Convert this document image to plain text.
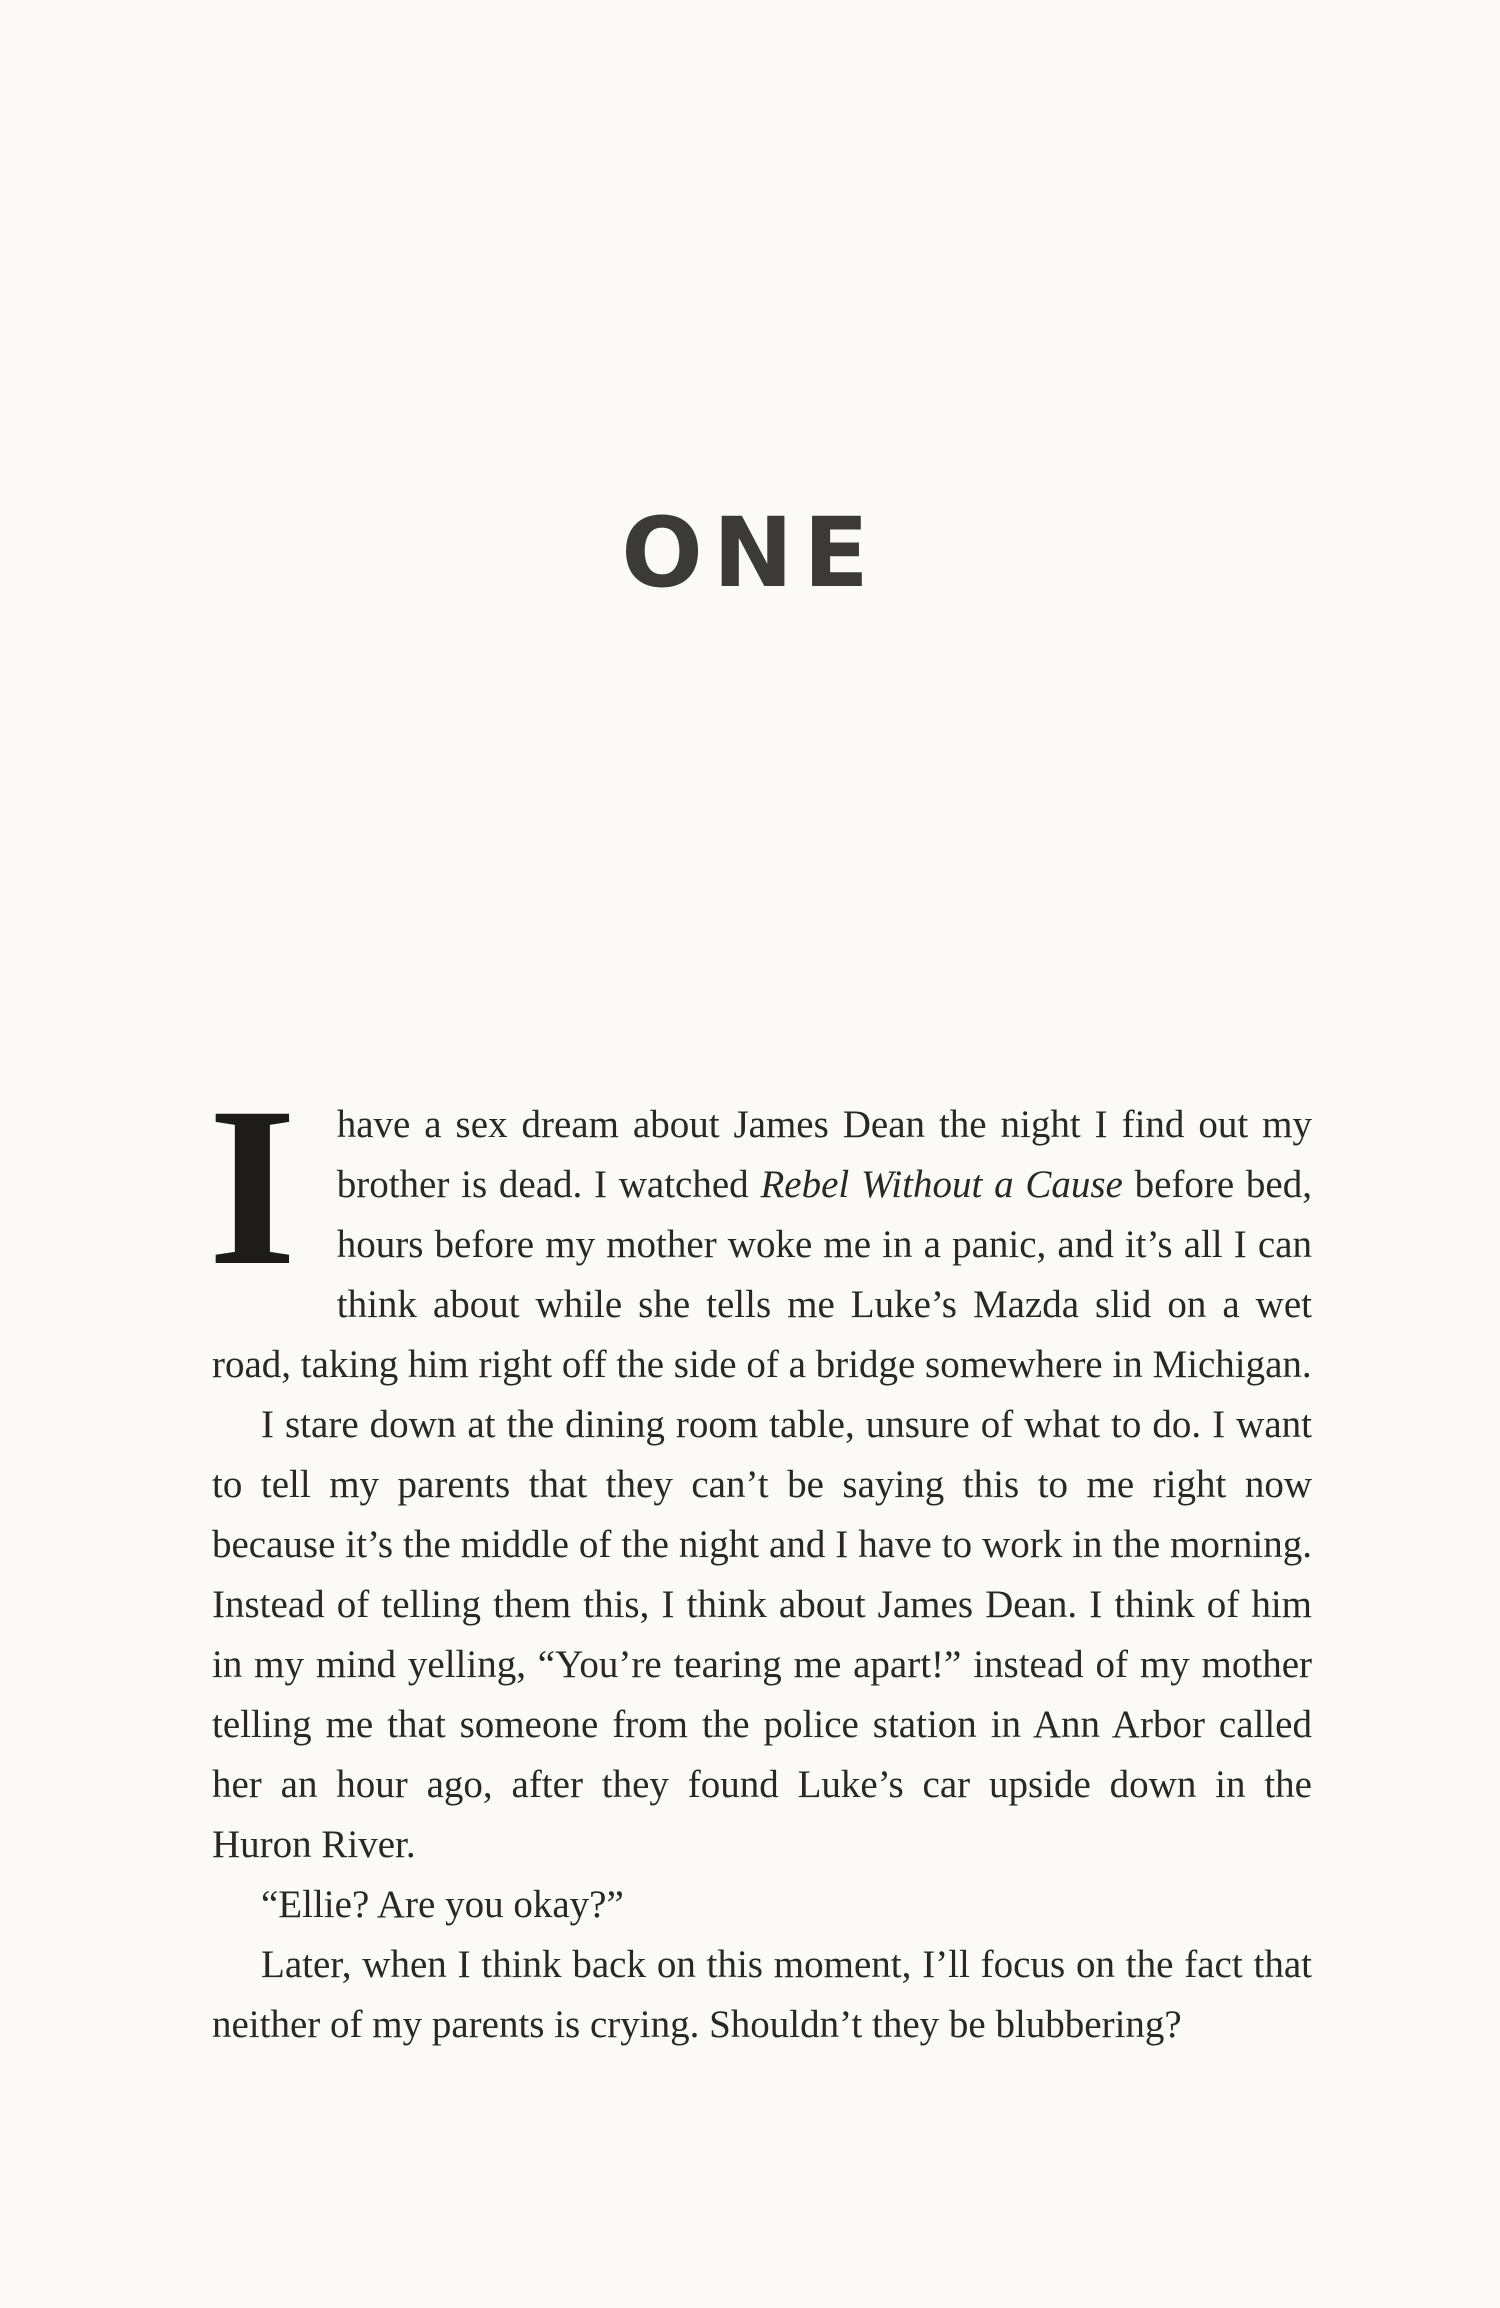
ONE

I have a sex dream about James Dean the night I find out my brother is dead. I watched Rebel Without a Cause before bed, hours before my mother woke me in a panic, and it’s all I can think about while she tells me Luke’s Mazda slid on a wet road, taking him right off the side of a bridge somewhere in Michigan.

I stare down at the dining room table, unsure of what to do. I want to tell my parents that they can’t be saying this to me right now because it’s the middle of the night and I have to work in the morning. Instead of telling them this, I think about James Dean. I think of him in my mind yelling, “You’re tearing me apart!” instead of my mother telling me that someone from the police station in Ann Arbor called her an hour ago, after they found Luke’s car upside down in the Huron River.

“Ellie? Are you okay?”

Later, when I think back on this moment, I’ll focus on the fact that neither of my parents is crying. Shouldn’t they be blubbering?
